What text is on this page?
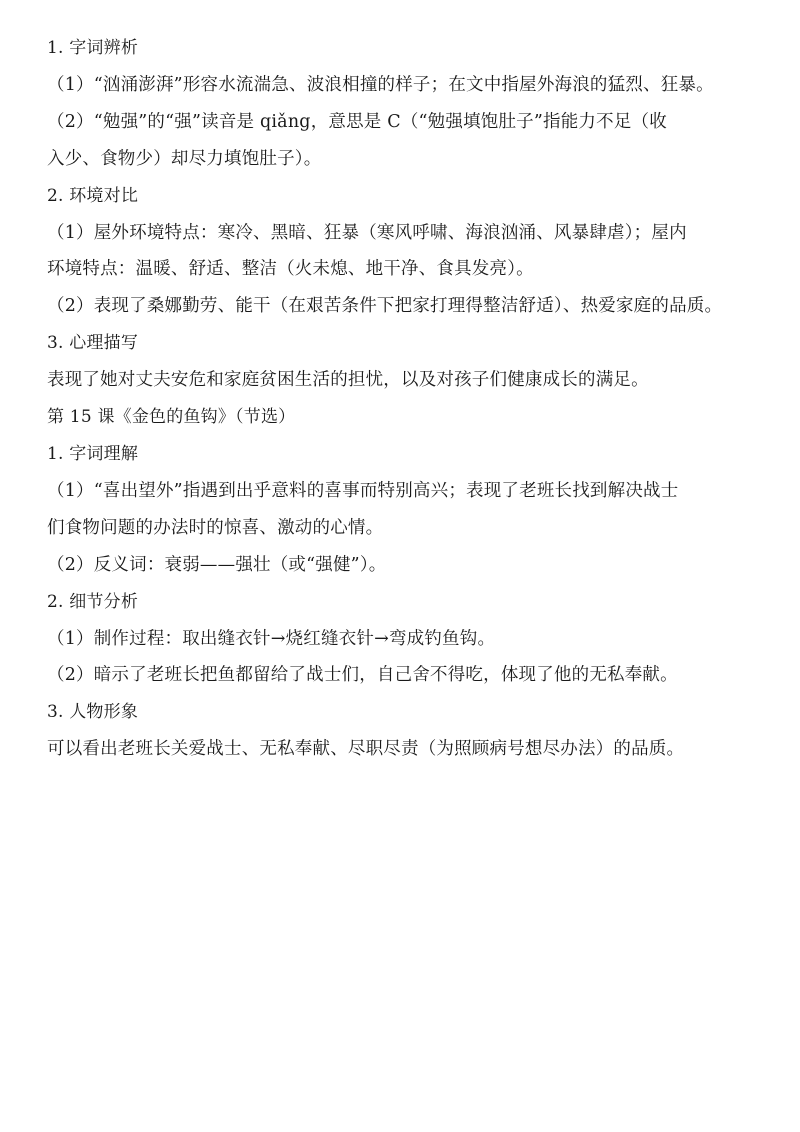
1. 字词辨析
（1）“汹涌澎湃”形容水流湍急、波浪相撞的样子；在文中指屋外海浪的猛烈、狂暴。
（2）“勉强”的“强”读音是 qiǎng，意思是 C（“勉强填饱肚子”指能力不足（收
入少、食物少）却尽力填饱肚子）。
2. 环境对比
（1）屋外环境特点：寒冷、黑暗、狂暴（寒风呼啸、海浪汹涌、风暴肆虐）；屋内
环境特点：温暖、舒适、整洁（火未熄、地干净、食具发亮）。
（2）表现了桑娜勤劳、能干（在艰苦条件下把家打理得整洁舒适）、热爱家庭的品质。
3. 心理描写
表现了她对丈夫安危和家庭贫困生活的担忧，以及对孩子们健康成长的满足。
第 15 课《金色的鱼钩》（节选）
1. 字词理解
（1）“喜出望外”指遇到出乎意料的喜事而特别高兴；表现了老班长找到解决战士
们食物问题的办法时的惊喜、激动的心情。
（2）反义词：衰弱——强壮（或“强健”）。
2. 细节分析
（1）制作过程：取出缝衣针→烧红缝衣针→弯成钓鱼钩。
（2）暗示了老班长把鱼都留给了战士们，自己舍不得吃，体现了他的无私奉献。
3. 人物形象
可以看出老班长关爱战士、无私奉献、尽职尽责（为照顾病号想尽办法）的品质。
